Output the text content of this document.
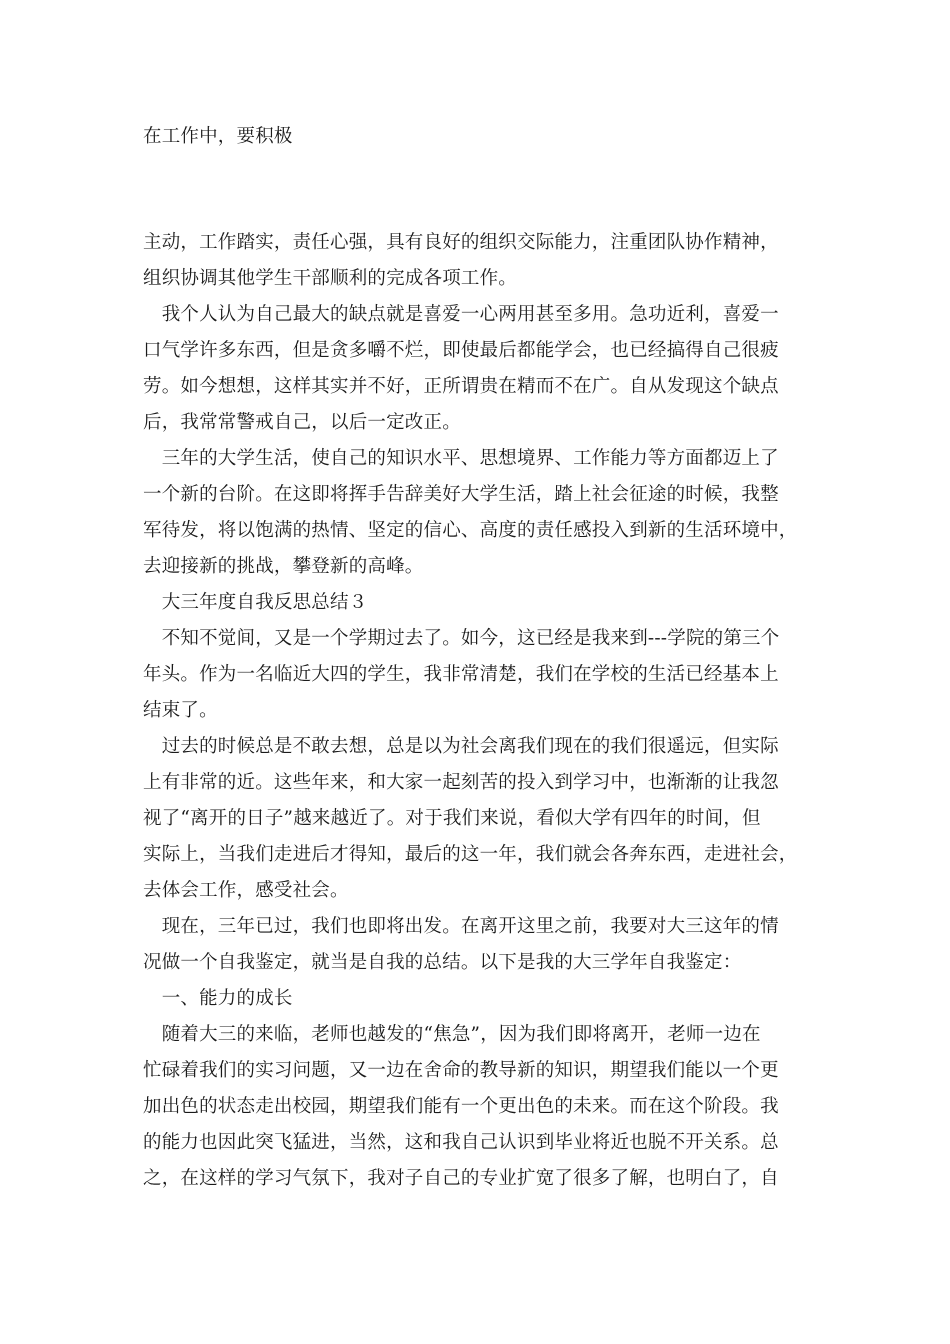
在工作中，要积极
主动，工作踏实，责任心强，具有良好的组织交际能力，注重团队协作精神，
组织协调其他学生干部顺利的完成各项工作。
　我个人认为自己最大的缺点就是喜爱一心两用甚至多用。急功近利，喜爱一
口气学许多东西，但是贪多嚼不烂，即使最后都能学会，也已经搞得自己很疲
劳。如今想想，这样其实并不好，正所谓贵在精而不在广。自从发现这个缺点
后，我常常警戒自己，以后一定改正。
　三年的大学生活，使自己的知识水平、思想境界、工作能力等方面都迈上了
一个新的台阶。在这即将挥手告辞美好大学生活，踏上社会征途的时候，我整
军待发，将以饱满的热情、坚定的信心、高度的责任感投入到新的生活环境中，
去迎接新的挑战，攀登新的高峰。
　大三年度自我反思总结３
　不知不觉间，又是一个学期过去了。如今，这已经是我来到---学院的第三个
年头。作为一名临近大四的学生，我非常清楚，我们在学校的生活已经基本上
结束了。
　过去的时候总是不敢去想，总是以为社会离我们现在的我们很遥远，但实际
上有非常的近。这些年来，和大家一起刻苦的投入到学习中，也渐渐的让我忽
视了“离开的日子”越来越近了。对于我们来说，看似大学有四年的时间，但
实际上，当我们走进后才得知，最后的这一年，我们就会各奔东西，走进社会，
去体会工作，感受社会。
　现在，三年已过，我们也即将出发。在离开这里之前，我要对大三这年的情
况做一个自我鉴定，就当是自我的总结。以下是我的大三学年自我鉴定：
　一、能力的成长
　随着大三的来临，老师也越发的“焦急”，因为我们即将离开，老师一边在
忙碌着我们的实习问题，又一边在舍命的教导新的知识，期望我们能以一个更
加出色的状态走出校园，期望我们能有一个更出色的未来。而在这个阶段。我
的能力也因此突飞猛进，当然，这和我自己认识到毕业将近也脱不开关系。总
之，在这样的学习气氛下，我对子自己的专业扩宽了很多了解，也明白了，自
